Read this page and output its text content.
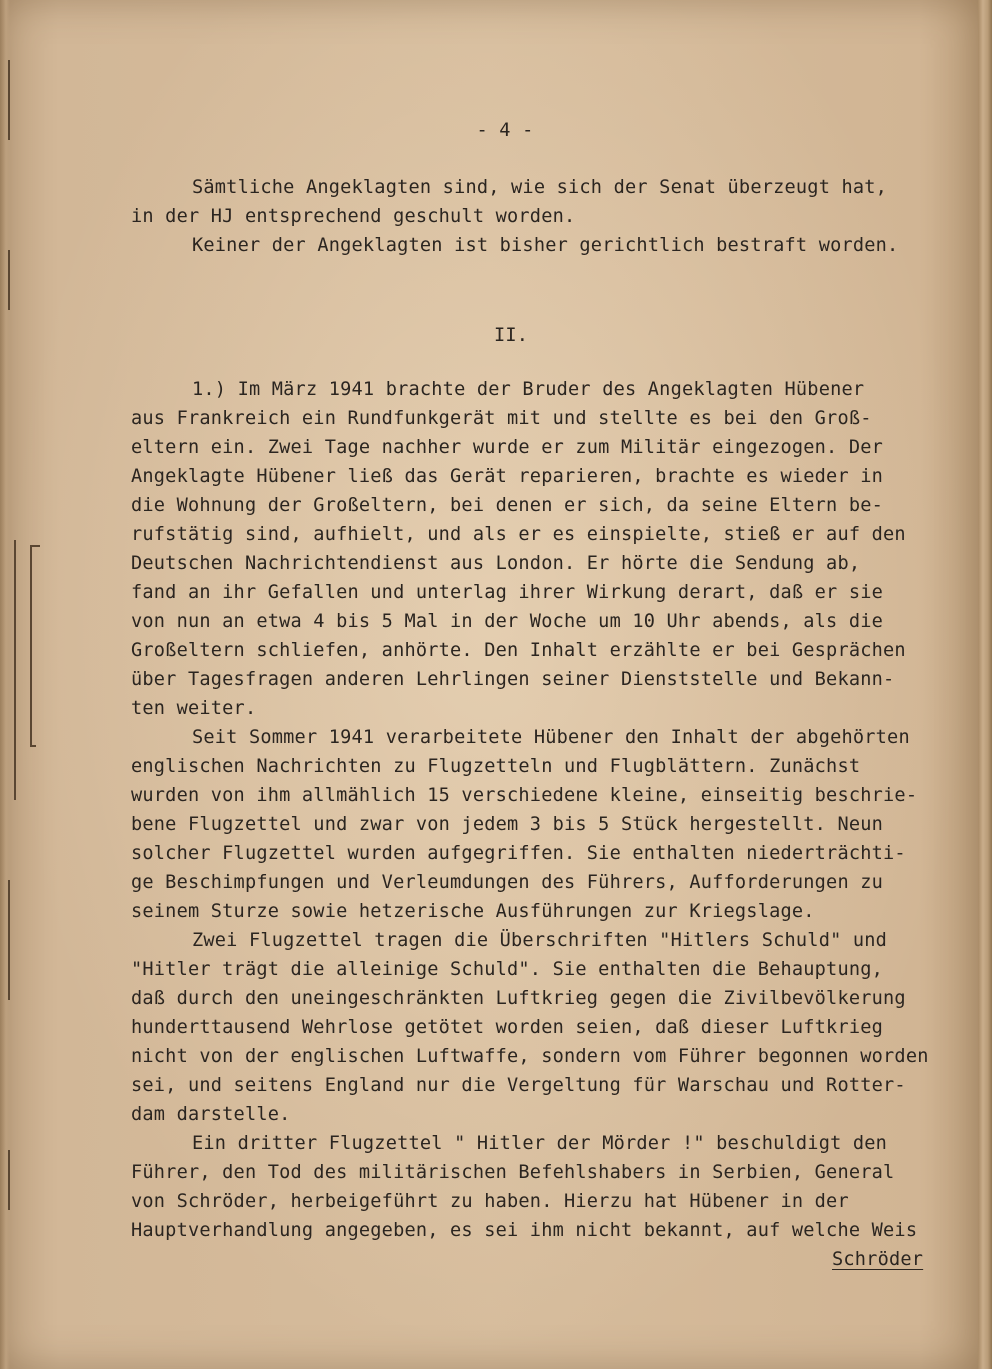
- 4 -
II.
Sämtliche Angeklagten sind, wie sich der Senat überzeugt hat,
in der HJ entsprechend geschult worden.
Keiner der Angeklagten ist bisher gerichtlich bestraft worden.
1.) Im März 1941 brachte der Bruder des Angeklagten Hübener
aus Frankreich ein Rundfunkgerät mit und stellte es bei den Groß-
eltern ein. Zwei Tage nachher wurde er zum Militär eingezogen. Der
Angeklagte Hübener ließ das Gerät reparieren, brachte es wieder in
die Wohnung der Großeltern, bei denen er sich, da seine Eltern be-
rufstätig sind, aufhielt, und als er es einspielte, stieß er auf den
Deutschen Nachrichtendienst aus London. Er hörte die Sendung ab,
fand an ihr Gefallen und unterlag ihrer Wirkung derart, daß er sie
von nun an etwa 4 bis 5 Mal in der Woche um 10 Uhr abends, als die
Großeltern schliefen, anhörte. Den Inhalt erzählte er bei Gesprächen
über Tagesfragen anderen Lehrlingen seiner Dienststelle und Bekann-
ten weiter.
Seit Sommer 1941 verarbeitete Hübener den Inhalt der abgehörten
englischen Nachrichten zu Flugzetteln und Flugblättern. Zunächst
wurden von ihm allmählich 15 verschiedene kleine, einseitig beschrie-
bene Flugzettel und zwar von jedem 3 bis 5 Stück hergestellt. Neun
solcher Flugzettel wurden aufgegriffen. Sie enthalten niederträchti-
ge Beschimpfungen und Verleumdungen des Führers, Aufforderungen zu
seinem Sturze sowie hetzerische Ausführungen zur Kriegslage.
Zwei Flugzettel tragen die Überschriften "Hitlers Schuld" und
"Hitler trägt die alleinige Schuld". Sie enthalten die Behauptung,
daß durch den uneingeschränkten Luftkrieg gegen die Zivilbevölkerung
hunderttausend Wehrlose getötet worden seien, daß dieser Luftkrieg
nicht von der englischen Luftwaffe, sondern vom Führer begonnen worden
sei, und seitens England nur die Vergeltung für Warschau und Rotter-
dam darstelle.
Ein dritter Flugzettel " Hitler der Mörder !" beschuldigt den
Führer, den Tod des militärischen Befehlshabers in Serbien, General
von Schröder, herbeigeführt zu haben. Hierzu hat Hübener in der
Hauptverhandlung angegeben, es sei ihm nicht bekannt, auf welche Weis
Schröder
